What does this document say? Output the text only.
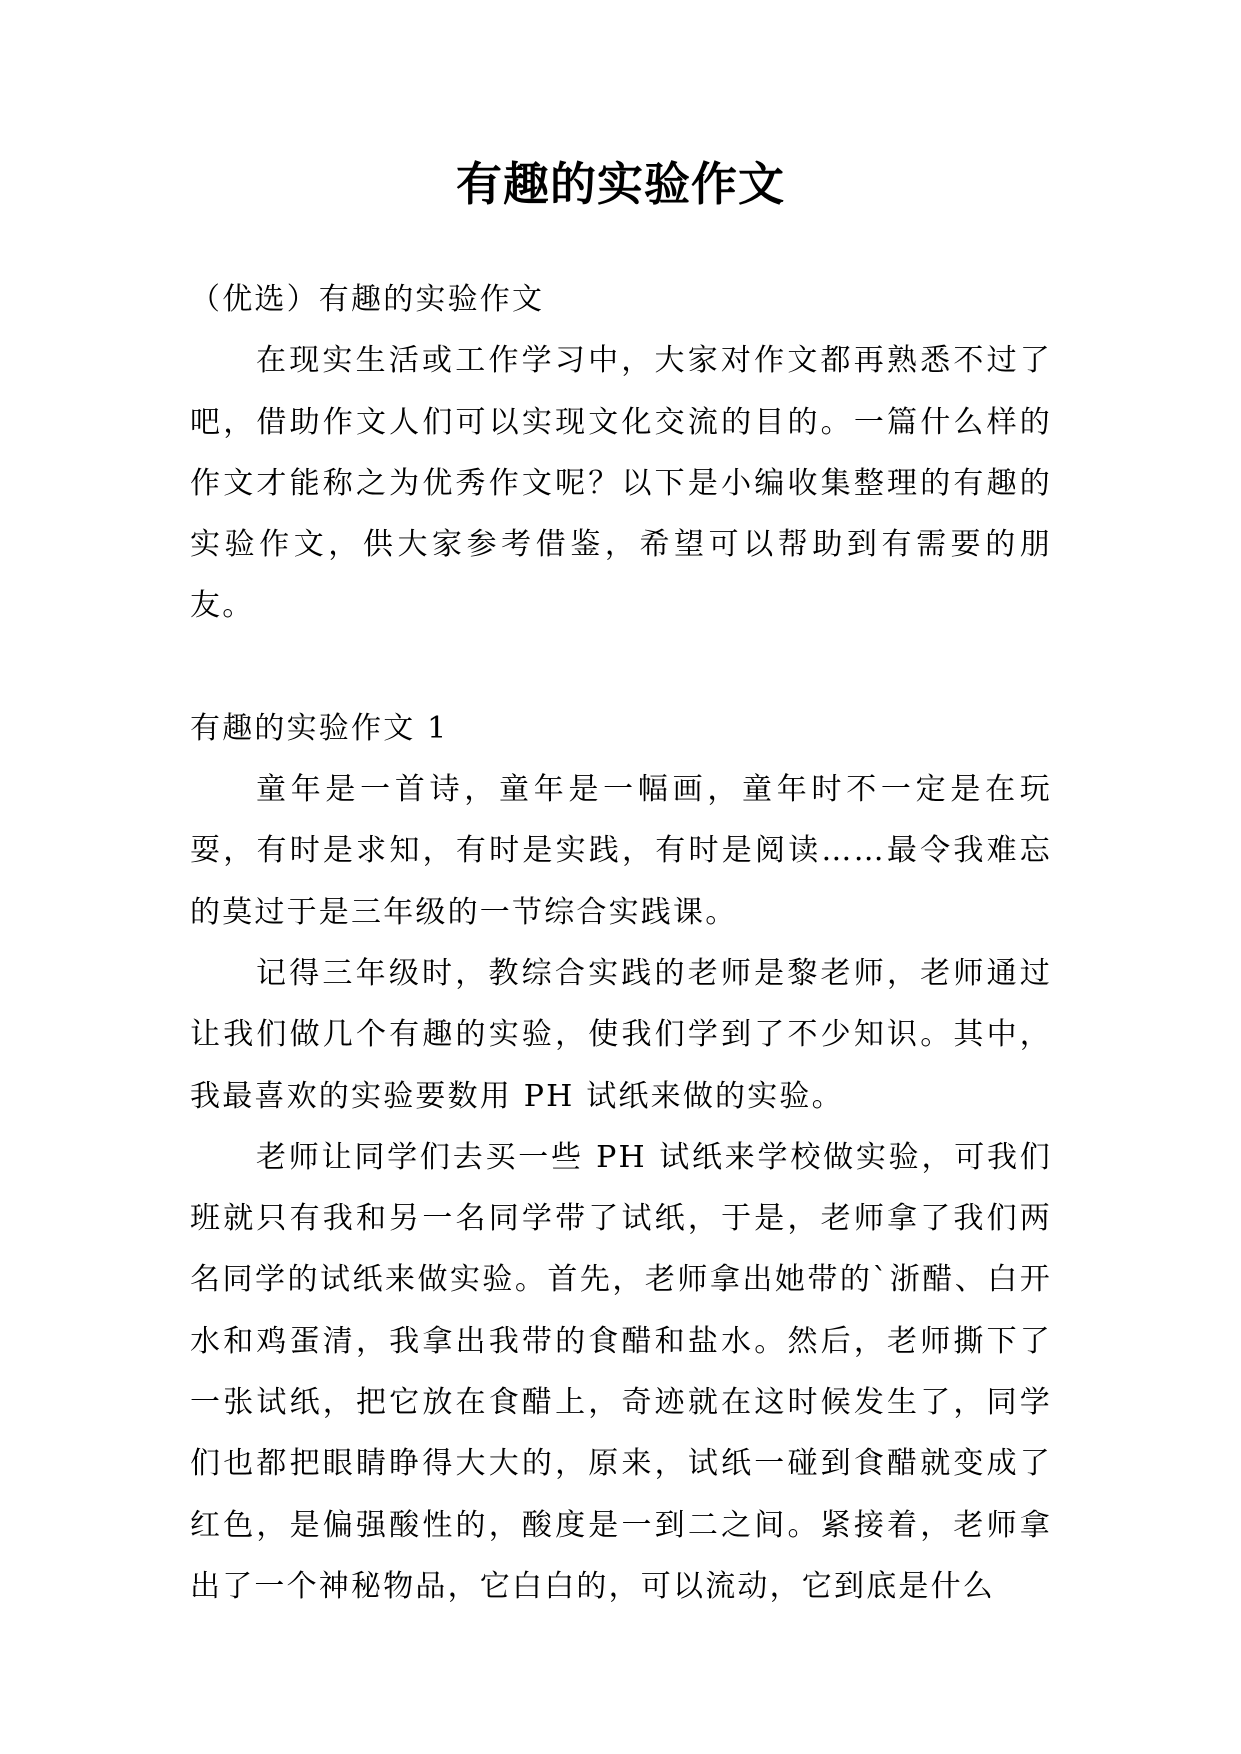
有趣的实验作文

（优选）有趣的实验作文

在现实生活或工作学习中，大家对作文都再熟悉不过了吧，借助作文人们可以实现文化交流的目的。一篇什么样的作文才能称之为优秀作文呢？以下是小编收集整理的有趣的实验作文，供大家参考借鉴，希望可以帮助到有需要的朋友。

有趣的实验作文 1

童年是一首诗，童年是一幅画，童年时不一定是在玩耍，有时是求知，有时是实践，有时是阅读……最令我难忘的莫过于是三年级的一节综合实践课。

记得三年级时，教综合实践的老师是黎老师，老师通过让我们做几个有趣的实验，使我们学到了不少知识。其中，我最喜欢的实验要数用 PH 试纸来做的实验。

老师让同学们去买一些 PH 试纸来学校做实验，可我们班就只有我和另一名同学带了试纸，于是，老师拿了我们两名同学的试纸来做实验。首先，老师拿出她带的`浙醋、白开水和鸡蛋清，我拿出我带的食醋和盐水。然后，老师撕下了一张试纸，把它放在食醋上，奇迹就在这时候发生了，同学们也都把眼睛睁得大大的，原来，试纸一碰到食醋就变成了红色，是偏强酸性的，酸度是一到二之间。紧接着，老师拿出了一个神秘物品，它白白的，可以流动，它到底是什么
